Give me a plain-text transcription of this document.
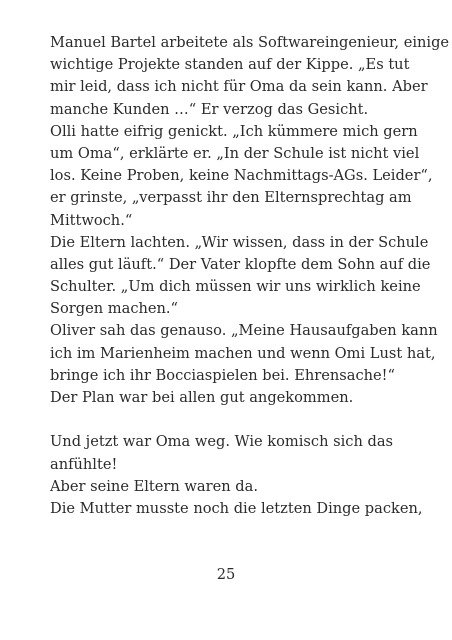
Manuel Bartel arbeitete als Softwareingenieur, einige
wichtige Projekte standen auf der Kippe. „Es tut
mir leid, dass ich nicht für Oma da sein kann. Aber
manche Kunden …“ Er verzog das Gesicht.
Olli hatte eifrig genickt. „Ich kümmere mich gern
um Oma“, erklärte er. „In der Schule ist nicht viel
los. Keine Proben, keine Nachmittags-AGs. Leider“,
er grinste, „verpasst ihr den Elternsprechtag am
Mittwoch.“
Die Eltern lachten. „Wir wissen, dass in der Schule
alles gut läuft.“ Der Vater klopfte dem Sohn auf die
Schulter. „Um dich müssen wir uns wirklich keine
Sorgen machen.“
Oliver sah das genauso. „Meine Hausaufgaben kann
ich im Marienheim machen und wenn Omi Lust hat,
bringe ich ihr Bocciaspielen bei. Ehrensache!“
Der Plan war bei allen gut angekommen.
Und jetzt war Oma weg. Wie komisch sich das
anfühlte!
Aber seine Eltern waren da.
Die Mutter musste noch die letzten Dinge packen,
25
